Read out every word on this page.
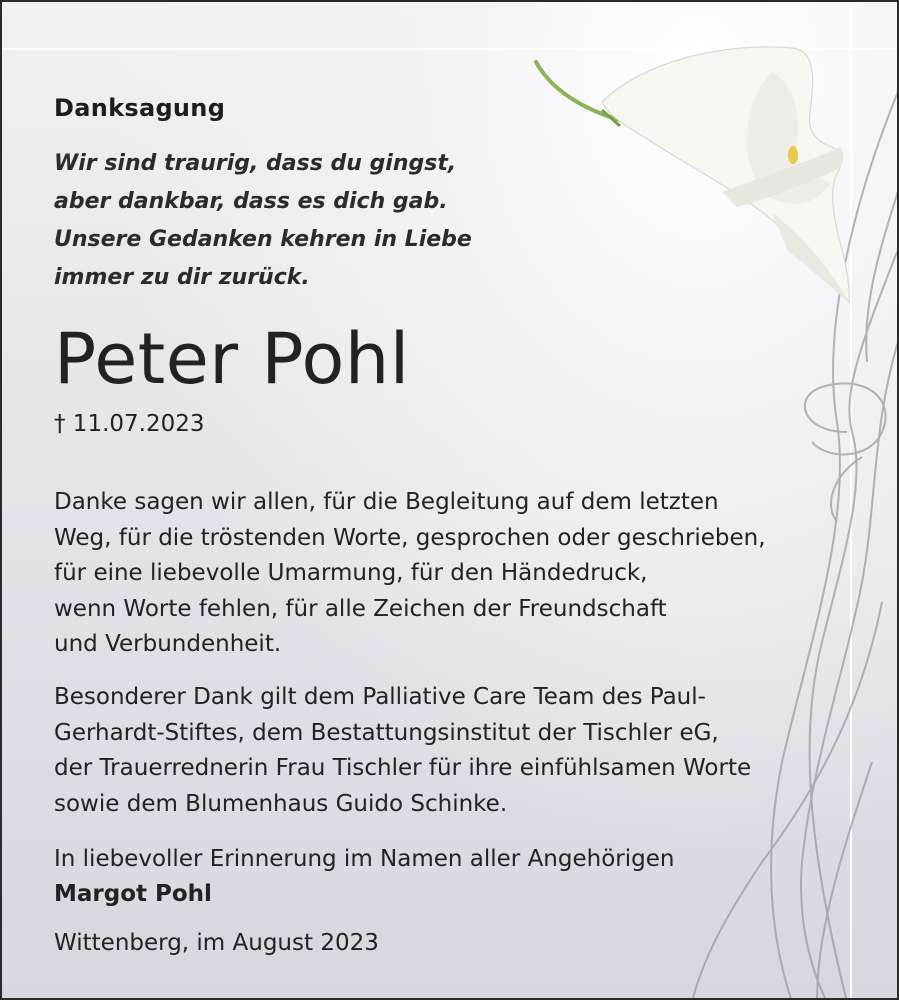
Danksagung
Wir sind traurig, dass du gingst,
aber dankbar, dass es dich gab.
Unsere Gedanken kehren in Liebe
immer zu dir zurück.
Peter Pohl
† 11.07.2023
Danke sagen wir allen, für die Begleitung auf dem letzten
Weg, für die tröstenden Worte, gesprochen oder geschrieben,
für eine liebevolle Umarmung, für den Händedruck,
wenn Worte fehlen, für alle Zeichen der Freundschaft
und Verbundenheit.
Besonderer Dank gilt dem Palliative Care Team des Paul-
Gerhardt-Stiftes, dem Bestattungsinstitut der Tischler eG,
der Trauerrednerin Frau Tischler für ihre einfühlsamen Worte
sowie dem Blumenhaus Guido Schinke.
In liebevoller Erinnerung im Namen aller Angehörigen
Margot Pohl
Wittenberg, im August 2023
